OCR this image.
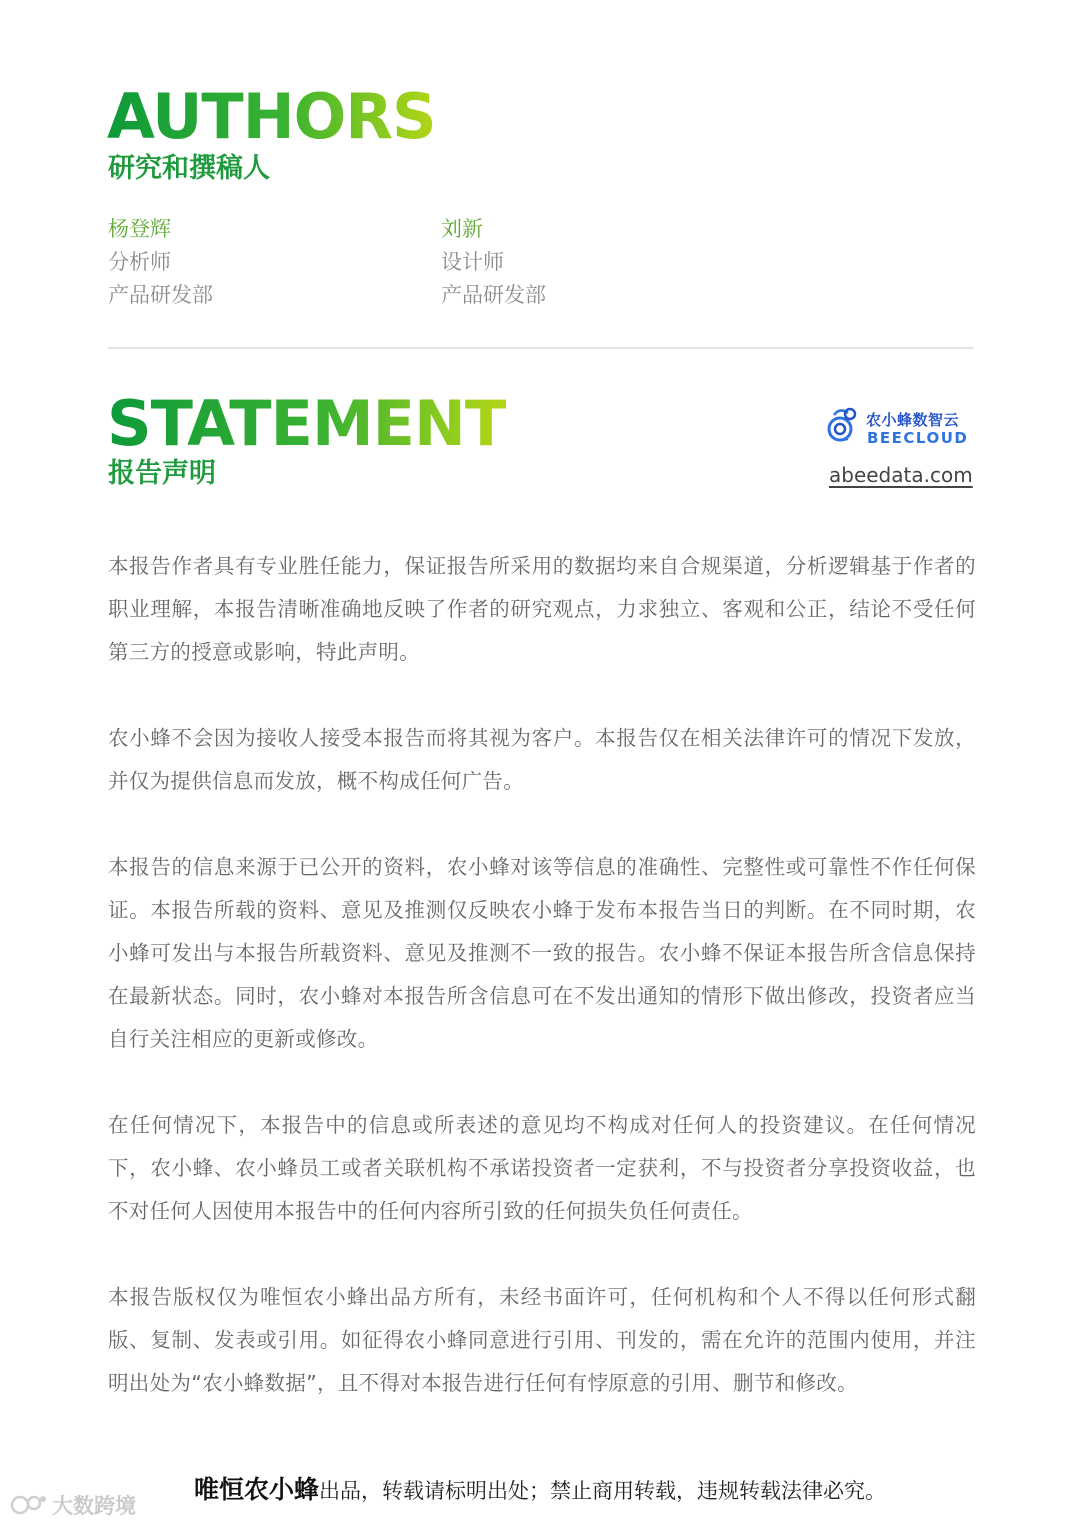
AUTHORS
研究和撰稿人
杨登辉
分析师
产品研发部
刘新
设计师
产品研发部
STATEMENT
报告声明
农小蜂数智云
BEECLOUD
abeedata.com

本报告作者具有专业胜任能力，保证报告所采用的数据均来自合规渠道，分析逻辑基于作者的职业理解，本报告清晰准确地反映了作者的研究观点，力求独立、客观和公正，结论不受任何第三方的授意或影响，特此声明。

农小蜂不会因为接收人接受本报告而将其视为客户。本报告仅在相关法律许可的情况下发放，并仅为提供信息而发放，概不构成任何广告。

本报告的信息来源于已公开的资料，农小蜂对该等信息的准确性、完整性或可靠性不作任何保证。本报告所载的资料、意见及推测仅反映农小蜂于发布本报告当日的判断。在不同时期，农小蜂可发出与本报告所载资料、意见及推测不一致的报告。农小蜂不保证本报告所含信息保持在最新状态。同时，农小蜂对本报告所含信息可在不发出通知的情形下做出修改，投资者应当自行关注相应的更新或修改。

在任何情况下，本报告中的信息或所表述的意见均不构成对任何人的投资建议。在任何情况下，农小蜂、农小蜂员工或者关联机构不承诺投资者一定获利，不与投资者分享投资收益，也不对任何人因使用本报告中的任何内容所引致的任何损失负任何责任。

本报告版权仅为唯恒农小蜂出品方所有，未经书面许可，任何机构和个人不得以任何形式翻版、复制、发表或引用。如征得农小蜂同意进行引用、刊发的，需在允许的范围内使用，并注明出处为“农小蜂数据”，且不得对本报告进行任何有悖原意的引用、删节和修改。

唯恒农小蜂出品，转载请标明出处；禁止商用转载，违规转载法律必究。
大数跨境
